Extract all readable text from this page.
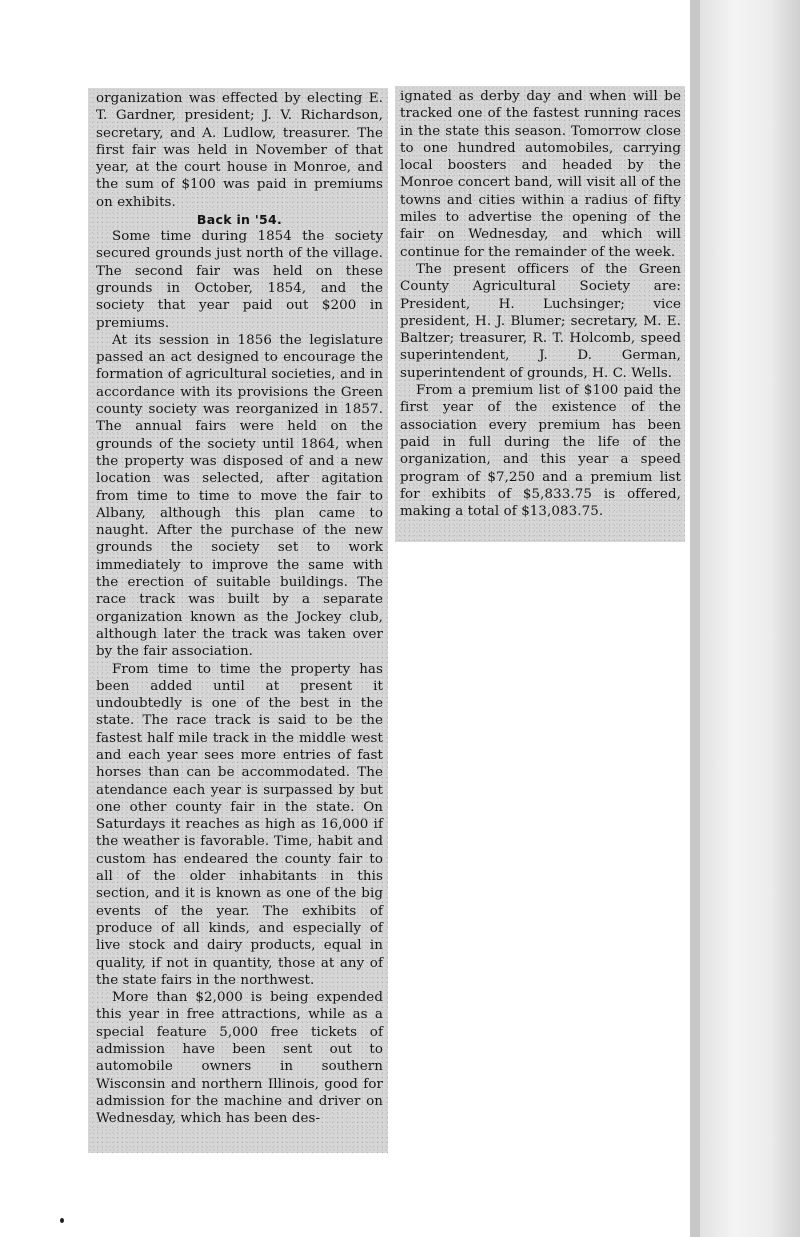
organization was effected by electing E. T. Gardner, president; J. V. Richardson, secretary, and A. Ludlow, treasurer. The first fair was held in November of that year, at the court house in Monroe, and the sum of $100 was paid in premiums on exhibits.

Back in '54.

Some time during 1854 the society secured grounds just north of the village. The second fair was held on these grounds in October, 1854, and the society that year paid out $200 in premiums.

At its session in 1856 the legislature passed an act designed to encourage the formation of agricultural societies, and in accordance with its provisions the Green county society was reorganized in 1857. The annual fairs were held on the grounds of the society until 1864, when the property was disposed of and a new location was selected, after agitation from time to time to move the fair to Albany, although this plan came to naught. After the purchase of the new grounds the society set to work immediately to improve the same with the erection of suitable buildings. The race track was built by a separate organization known as the Jockey club, although later the track was taken over by the fair association.

From time to time the property has been added until at present it undoubtedly is one of the best in the state. The race track is said to be the fastest half mile track in the middle west and each year sees more entries of fast horses than can be accommodated. The atendance each year is surpassed by but one other county fair in the state. On Saturdays it reaches as high as 16,000 if the weather is favorable. Time, habit and custom has endeared the county fair to all of the older inhabitants in this section, and it is known as one of the big events of the year. The exhibits of produce of all kinds, and especially of live stock and dairy products, equal in quality, if not in quantity, those at any of the state fairs in the northwest.

More than $2,000 is being expended this year in free attractions, while as a special feature 5,000 free tickets of admission have been sent out to automobile owners in southern Wisconsin and northern Illinois, good for admission for the machine and driver on Wednesday, which has been des-

ignated as derby day and when will be tracked one of the fastest running races in the state this season. Tomorrow close to one hundred automobiles, carrying local boosters and headed by the Monroe concert band, will visit all of the towns and cities within a radius of fifty miles to advertise the opening of the fair on Wednesday, and which will continue for the remainder of the week.

The present officers of the Green County Agricultural Society are: President, H. Luchsinger; vice president, H. J. Blumer; secretary, M. E. Baltzer; treasurer, R. T. Holcomb, speed superintendent, J. D. German, superintendent of grounds, H. C. Wells.

From a premium list of $100 paid the first year of the existence of the association every premium has been paid in full during the life of the organization, and this year a speed program of $7,250 and a premium list for exhibits of $5,833.75 is offered, making a total of $13,083.75.
